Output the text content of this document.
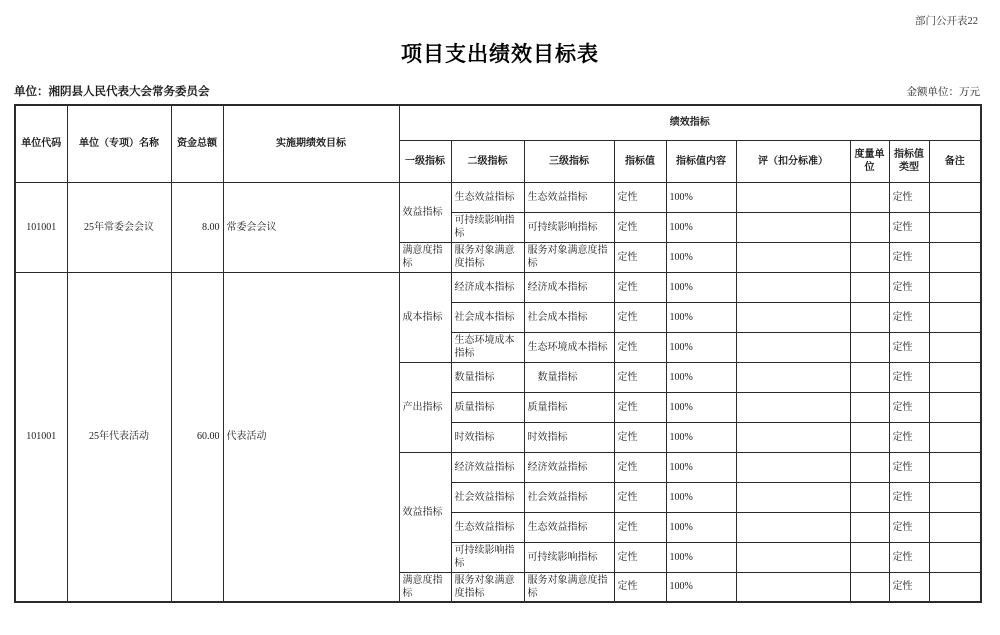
部门公开表22
项目支出绩效目标表
单位：湘阴县人民代表大会常务委员会	金额单位：万元
单位代码	单位（专项）名称	资金总额	实施期绩效目标	绩效指标								
				一级指标	二级指标	三级指标	指标值	指标值内容	评（扣分标准）	度量单位	指标值类型	备注
101001	25年常委会会议	8.00	常委会会议	效益指标	生态效益指标	生态效益指标	定性	100%			定性	
					可持续影响指标	可持续影响指标	定性	100%			定性	
				满意度指标	服务对象满意度指标	服务对象满意度指标	定性	100%			定性	
101001	25年代表活动	60.00	代表活动	成本指标	经济成本指标	经济成本指标	定性	100%			定性	
					社会成本指标	社会成本指标	定性	100%			定性	
					生态环境成本指标	生态环境成本指标	定性	100%			定性	
				产出指标	数量指标	　数量指标	定性	100%			定性	
					质量指标	质量指标	定性	100%			定性	
					时效指标	时效指标	定性	100%			定性	
				效益指标	经济效益指标	经济效益指标	定性	100%			定性	
					社会效益指标	社会效益指标	定性	100%			定性	
					生态效益指标	生态效益指标	定性	100%			定性	
					可持续影响指标	可持续影响指标	定性	100%			定性	
				满意度指标	服务对象满意度指标	服务对象满意度指标	定性	100%			定性	
